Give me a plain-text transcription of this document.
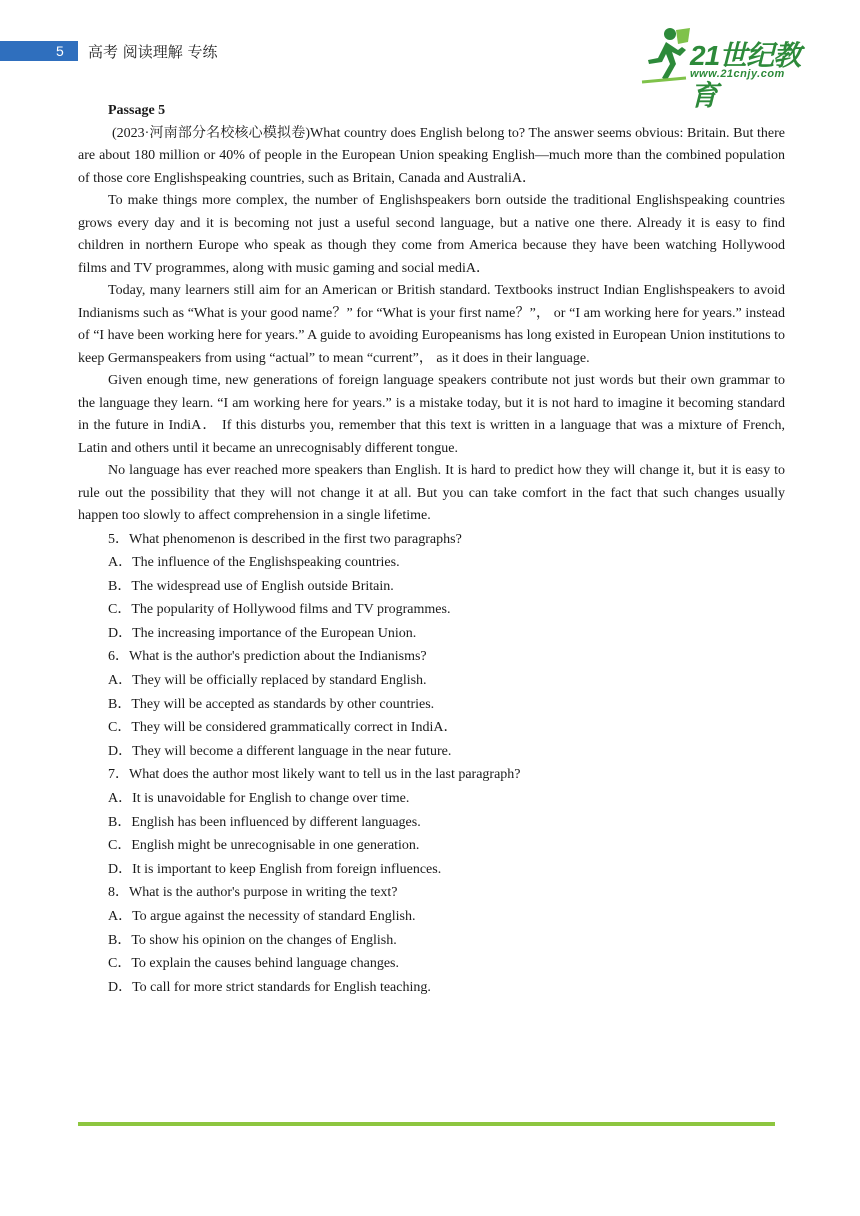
5 高考 阅读理解 专练	21世纪教育
www.21cnjy.com
Passage 5

(2023·河南部分名校核心模拟卷)What country does English belong to? The answer seems obvious: Britain. But there are about 180 million or 40% of people in the European Union speaking English—much more than the combined population of those core Englishspeaking countries, such as Britain, Canada and AustraliA．

To make things more complex, the number of Englishspeakers born outside the traditional Englishspeaking countries grows every day and it is becoming not just a useful second language, but a native one there. Already it is easy to find children in northern Europe who speak as though they come from America because they have been watching Hollywood films and TV programmes, along with music gaming and social mediA．

Today, many learners still aim for an American or British standard. Textbooks instruct Indian Englishspeakers to avoid Indianisms such as “What is your good name？” for “What is your first name？”， or “I am working here for years.” instead of “I have been working here for years.” A guide to avoiding Europeanisms has long existed in European Union institutions to keep Germanspeakers from using “actual” to mean “current”， as it does in their language.

Given enough time, new generations of foreign language speakers contribute not just words but their own grammar to the language they learn. “I am working here for years.” is a mistake today, but it is not hard to imagine it becoming standard in the future in IndiA． If this disturbs you, remember that this text is written in a language that was a mixture of French, Latin and others until it became an unrecognisably different tongue.

No language has ever reached more speakers than English. It is hard to predict how they will change it, but it is easy to rule out the possibility that they will not change it at all. But you can take comfort in the fact that such changes usually happen too slowly to affect comprehension in a single lifetime.

5．What phenomenon is described in the first two paragraphs?
A．The influence of the Englishspeaking countries.
B．The widespread use of English outside Britain.
C．The popularity of Hollywood films and TV programmes.
D．The increasing importance of the European Union.
6．What is the author's prediction about the Indianisms?
A．They will be officially replaced by standard English.
B．They will be accepted as standards by other countries.
C．They will be considered grammatically correct in IndiA．
D．They will become a different language in the near future.
7．What does the author most likely want to tell us in the last paragraph?
A．It is unavoidable for English to change over time.
B．English has been influenced by different languages.
C．English might be unrecognisable in one generation.
D．It is important to keep English from foreign influences.
8．What is the author's purpose in writing the text?
A．To argue against the necessity of standard English.
B．To show his opinion on the changes of English.
C．To explain the causes behind language changes.
D．To call for more strict standards for English teaching.
